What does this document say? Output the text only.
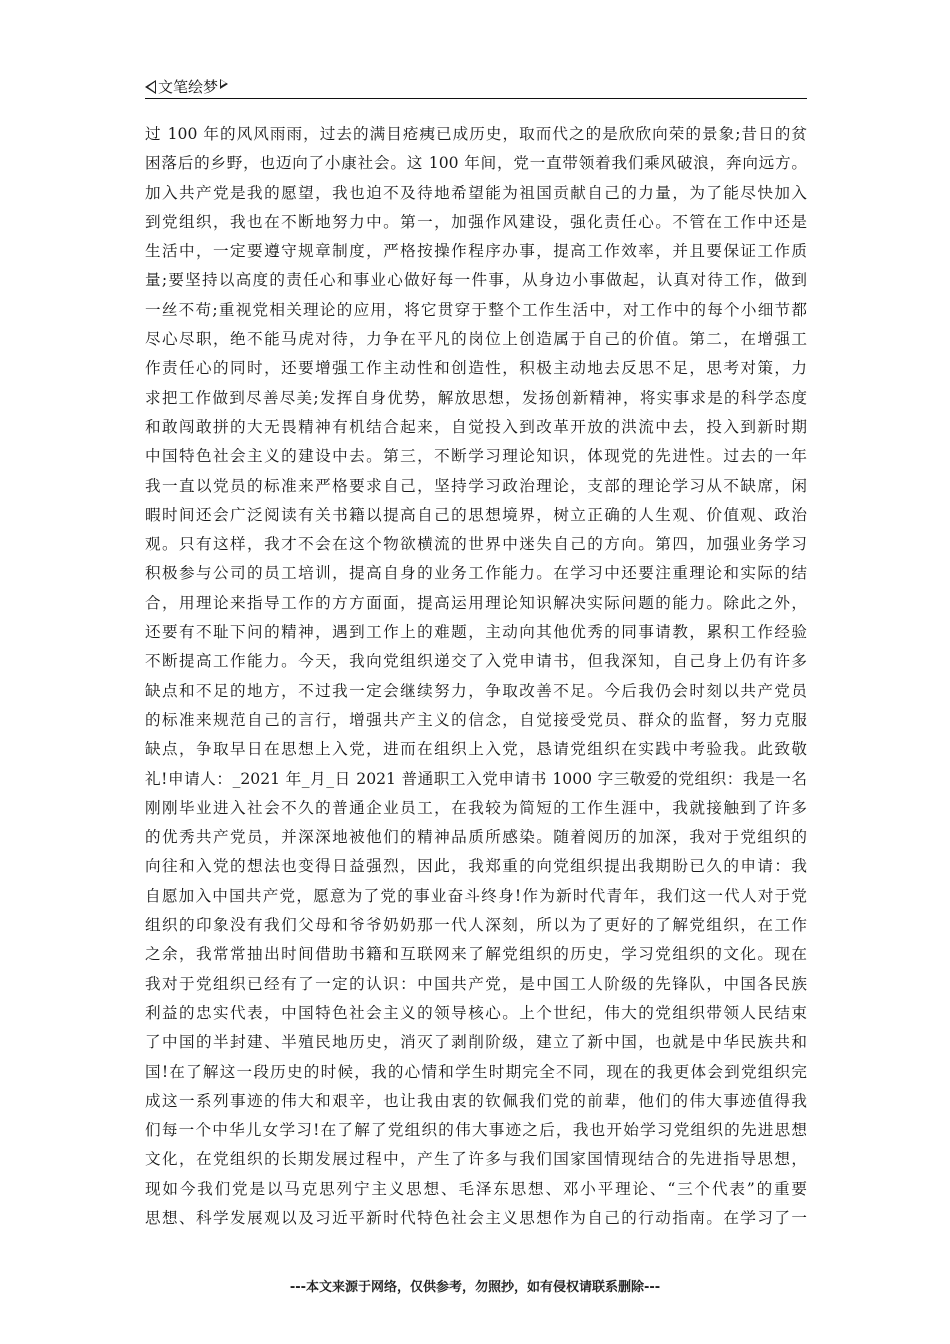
文笔绘梦
过 100 年的风风雨雨，过去的满目疮痍已成历史，取而代之的是欣欣向荣的景象;昔日的贫
困落后的乡野，也迈向了小康社会。这 100 年间，党一直带领着我们乘风破浪，奔向远方。
加入共产党是我的愿望，我也迫不及待地希望能为祖国贡献自己的力量，为了能尽快加入
到党组织，我也在不断地努力中。第一，加强作风建设，强化责任心。不管在工作中还是
生活中，一定要遵守规章制度，严格按操作程序办事，提高工作效率，并且要保证工作质
量;要坚持以高度的责任心和事业心做好每一件事，从身边小事做起，认真对待工作，做到
一丝不苟;重视党相关理论的应用，将它贯穿于整个工作生活中，对工作中的每个小细节都
尽心尽职，绝不能马虎对待，力争在平凡的岗位上创造属于自己的价值。第二，在增强工
作责任心的同时，还要增强工作主动性和创造性，积极主动地去反思不足，思考对策，力
求把工作做到尽善尽美;发挥自身优势，解放思想，发扬创新精神，将实事求是的科学态度
和敢闯敢拼的大无畏精神有机结合起来，自觉投入到改革开放的洪流中去，投入到新时期
中国特色社会主义的建设中去。第三，不断学习理论知识，体现党的先进性。过去的一年
我一直以党员的标准来严格要求自己，坚持学习政治理论，支部的理论学习从不缺席，闲
暇时间还会广泛阅读有关书籍以提高自己的思想境界，树立正确的人生观、价值观、政治
观。只有这样，我才不会在这个物欲横流的世界中迷失自己的方向。第四，加强业务学习
积极参与公司的员工培训，提高自身的业务工作能力。在学习中还要注重理论和实际的结
合，用理论来指导工作的方方面面，提高运用理论知识解决实际问题的能力。除此之外，
还要有不耻下问的精神，遇到工作上的难题，主动向其他优秀的同事请教，累积工作经验
不断提高工作能力。今天，我向党组织递交了入党申请书，但我深知，自己身上仍有许多
缺点和不足的地方，不过我一定会继续努力，争取改善不足。今后我仍会时刻以共产党员
的标准来规范自己的言行，增强共产主义的信念，自觉接受党员、群众的监督，努力克服
缺点，争取早日在思想上入党，进而在组织上入党，恳请党组织在实践中考验我。此致敬
礼!申请人：_2021 年_月_日 2021 普通职工入党申请书 1000 字三敬爱的党组织：我是一名
刚刚毕业进入社会不久的普通企业员工，在我较为简短的工作生涯中，我就接触到了许多
的优秀共产党员，并深深地被他们的精神品质所感染。随着阅历的加深，我对于党组织的
向往和入党的想法也变得日益强烈，因此，我郑重的向党组织提出我期盼已久的申请：我
自愿加入中国共产党，愿意为了党的事业奋斗终身!作为新时代青年，我们这一代人对于党
组织的印象没有我们父母和爷爷奶奶那一代人深刻，所以为了更好的了解党组织，在工作
之余，我常常抽出时间借助书籍和互联网来了解党组织的历史，学习党组织的文化。现在
我对于党组织已经有了一定的认识：中国共产党，是中国工人阶级的先锋队，中国各民族
利益的忠实代表，中国特色社会主义的领导核心。上个世纪，伟大的党组织带领人民结束
了中国的半封建、半殖民地历史，消灭了剥削阶级，建立了新中国，也就是中华民族共和
国!在了解这一段历史的时候，我的心情和学生时期完全不同，现在的我更体会到党组织完
成这一系列事迹的伟大和艰辛，也让我由衷的钦佩我们党的前辈，他们的伟大事迹值得我
们每一个中华儿女学习!在了解了党组织的伟大事迹之后，我也开始学习党组织的先进思想
文化，在党组织的长期发展过程中，产生了许多与我们国家国情现结合的先进指导思想，
现如今我们党是以马克思列宁主义思想、毛泽东思想、邓小平理论、“三个代表”的重要
思想、科学发展观以及习近平新时代特色社会主义思想作为自己的行动指南。在学习了一
---本文来源于网络，仅供参考，勿照抄，如有侵权请联系删除---
